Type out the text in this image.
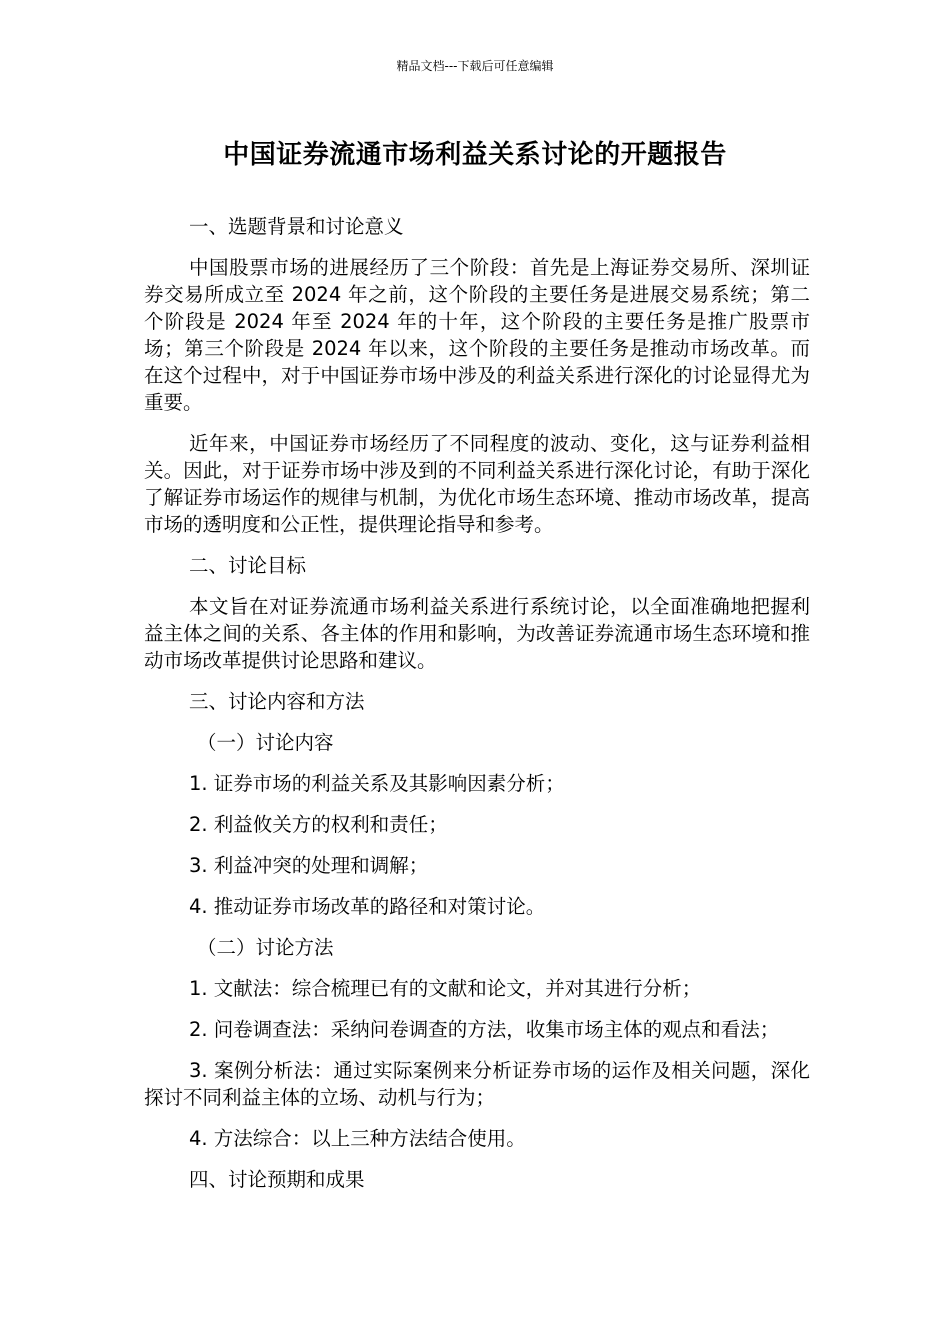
精品文档---下载后可任意编辑
中国证券流通市场利益关系讨论的开题报告

一、选题背景和讨论意义

中国股票市场的进展经历了三个阶段：首先是上海证券交易所、深圳证券交易所成立至 2024 年之前，这个阶段的主要任务是进展交易系统；第二个阶段是 2024 年至 2024 年的十年，这个阶段的主要任务是推广股票市场；第三个阶段是 2024 年以来，这个阶段的主要任务是推动市场改革。而在这个过程中，对于中国证券市场中涉及的利益关系进行深化的讨论显得尤为重要。

近年来，中国证券市场经历了不同程度的波动、变化，这与证券利益相关。因此，对于证券市场中涉及到的不同利益关系进行深化讨论，有助于深化了解证券市场运作的规律与机制，为优化市场生态环境、推动市场改革，提高市场的透明度和公正性，提供理论指导和参考。

二、讨论目标

本文旨在对证券流通市场利益关系进行系统讨论，以全面准确地把握利益主体之间的关系、各主体的作用和影响，为改善证券流通市场生态环境和推动市场改革提供讨论思路和建议。

三、讨论内容和方法

（一）讨论内容

1. 证券市场的利益关系及其影响因素分析；

2. 利益攸关方的权利和责任；

3. 利益冲突的处理和调解；

4. 推动证券市场改革的路径和对策讨论。

（二）讨论方法

1. 文献法：综合梳理已有的文献和论文，并对其进行分析；

2. 问卷调查法：采纳问卷调查的方法，收集市场主体的观点和看法；

3. 案例分析法：通过实际案例来分析证券市场的运作及相关问题，深化探讨不同利益主体的立场、动机与行为；

4. 方法综合：以上三种方法结合使用。

四、讨论预期和成果
